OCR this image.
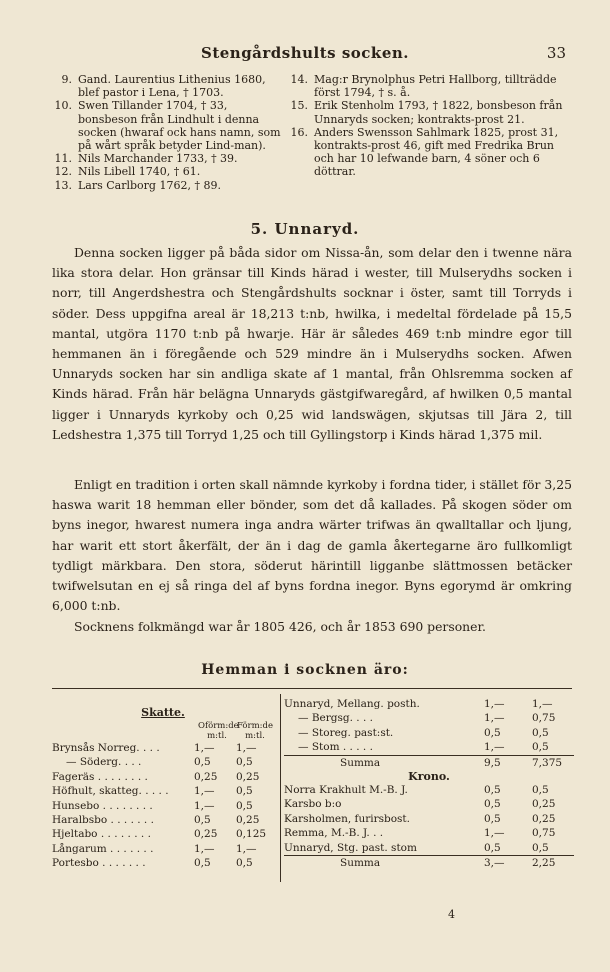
Stengårdshults socken.	33
9. Gand. Laurentius Lithenius 1680, blef pastor i Lena, † 1703.
10. Swen Tillander 1704, † 33, bonsbeson från Lindhult i denna socken (hwaraf ock hans namn, som på wårt språk betyder Lind-man).
11. Nils Marchander 1733, † 39.
12. Nils Libell 1740, † 61.
13. Lars Carlborg 1762, † 89.
14. Mag:r Brynolphus Petri Hallborg, tillträdde först 1794, † s. å.
15. Erik Stenholm 1793, † 1822, bonsbeson från Unnaryds socken; kontrakts-prost 21.
16. Anders Swensson Sahlmark 1825, prost 31, kontrakts-prost 46, gift med Fredrika Brun och har 10 lefwande barn, 4 söner och 6 döttrar.
5. Unnaryd.
Denna socken ligger på båda sidor om Nissa-ån, som delar den i twenne nära lika stora delar. Hon gränsar till Kinds härad i wester, till Mulserydhs socken i norr, till Angerdshestra och Stengårdshults socknar i öster, samt till Torryds i söder. Dess uppgifna areal är 18,213 t:nb, hwilka, i medeltal fördelade på 15,5 mantal, utgöra 1170 t:nb på hwarje. Här är således 469 t:nb mindre egor till hemmanen än i föregående och 529 mindre än i Mulserydhs socken. Afwen Unnaryds socken har sin andliga skate af 1 mantal, från Ohlsremma socken af Kinds härad. Från här belägna Unnaryds gästgifwaregård, af hwilken 0,5 mantal ligger i Unnaryds kyrkoby och 0,25 wid landswägen, skjutsas till Jära 2, till Ledshestra 1,375 till Torryd 1,25 och till Gyllingstorp i Kinds härad 1,375 mil.
Enligt en tradition i orten skall nämnde kyrkoby i fordna tider, i stället för 3,25 haswa warit 18 hemman eller bönder, som det då kallades. På skogen söder om byns inegor, hwarest numera inga andra wärter trifwas än qwalltallar och ljung, har warit ett stort åkerfält, der än i dag de gamla åkertegarne äro fullkomligt tydligt märkbara. Den stora, söderut härintill ligganbe slättmossen betäcker twifwelsutan en ej så ringa del af byns fordna inegor. Byns egorymd är omkring 6,000 t:nb.
Socknens folkmängd war år 1805 426, och år 1853 690 personer.
Hemman i socknen äro:
Skatte.
Oförm:de m:tl.
Förm:de m:tl.
Brynsås Norreg. . . .	1,—	1,—
— Söderg. . . .	0,5	0,5
Fageräs . . . . . . . .	0,25	0,25
Höfhult, skatteg. . . . .	1,—	0,5
Hunsebo . . . . . . . .	1,—	0,5
Haralbsbo . . . . . . .	0,5	0,25
Hjeltabo . . . . . . . .	0,25	0,125
Långarum . . . . . . .	1,—	1,—
Portesbo . . . . . . .	0,5	0,5
Unnaryd, Mellang. posth.	1,—	1,—
— Bergsg. . . .	1,—	0,75
— Storeg. past:st.	0,5	0,5
— Stom . . . . .	1,—	0,5
Summa	9,5	7,375
Krono.
Norra Krakhult M.-B. J.	0,5	0,5
Karsbo b:o	0,5	0,25
Karsholmen, furirsbost.	0,5	0,25
Remma, M.-B. J. . .	1,—	0,75
Unnaryd, Stg. past. stom	0,5	0,5
Summa	3,—	2,25
4
